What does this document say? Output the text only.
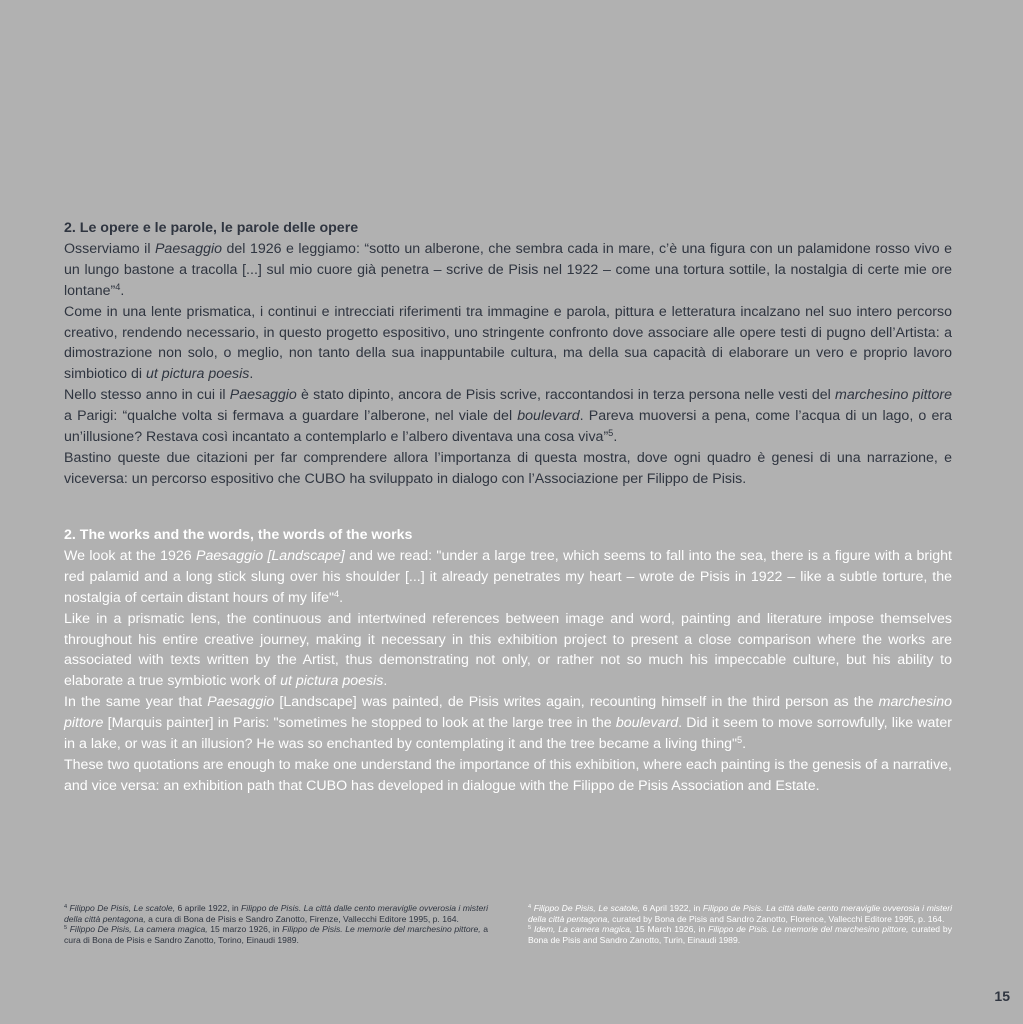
2. Le opere e le parole, le parole delle opere

Osserviamo il Paesaggio del 1926 e leggiamo: “sotto un alberone, che sembra cada in mare, c’è una figura con un palamidone rosso vivo e un lungo bastone a tracolla [...] sul mio cuore già penetra – scrive de Pisis nel 1922 – come una tortura sottile, la nostalgia di certe mie ore lontane”$^4$.

Come in una lente prismatica, i continui e intrecciati riferimenti tra immagine e parola, pittura e letteratura incalzano nel suo intero percorso creativo, rendendo necessario, in questo progetto espositivo, uno stringente confronto dove associare alle opere testi di pugno dell’Artista: a dimostrazione non solo, o meglio, non tanto della sua inappuntabile cultura, ma della sua capacità di elaborare un vero e proprio lavoro simbiotico di ut pictura poesis.

Nello stesso anno in cui il Paesaggio è stato dipinto, ancora de Pisis scrive, raccontandosi in terza persona nelle vesti del marchesino pittore a Parigi: “qualche volta si fermava a guardare l’alberone, nel viale del boulevard. Pareva muoversi a pena, come l’acqua di un lago, o era un’illusione? Restava così incantato a contemplarlo e l’albero diventava una cosa viva”$^5$.

Bastino queste due citazioni per far comprendere allora l’importanza di questa mostra, dove ogni quadro è genesi di una narrazione, e viceversa: un percorso espositivo che CUBO ha sviluppato in dialogo con l’Associazione per Filippo de Pisis.

2. The works and the words, the words of the works

We look at the 1926 Paesaggio [Landscape] and we read: "under a large tree, which seems to fall into the sea, there is a figure with a bright red palamid and a long stick slung over his shoulder [...] it already penetrates my heart – wrote de Pisis in 1922 – like a subtle torture, the nostalgia of certain distant hours of my life"$^4$.

Like in a prismatic lens, the continuous and intertwined references between image and word, painting and literature impose themselves throughout his entire creative journey, making it necessary in this exhibition project to present a close comparison where the works are associated with texts written by the Artist, thus demonstrating not only, or rather not so much his impeccable culture, but his ability to elaborate a true symbiotic work of ut pictura poesis.

In the same year that Paesaggio [Landscape] was painted, de Pisis writes again, recounting himself in the third person as the marchesino pittore [Marquis painter] in Paris: "sometimes he stopped to look at the large tree in the boulevard. Did it seem to move sorrowfully, like water in a lake, or was it an illusion? He was so enchanted by contemplating it and the tree became a living thing"$^5$.

These two quotations are enough to make one understand the importance of this exhibition, where each painting is the genesis of a narrative, and vice versa: an exhibition path that CUBO has developed in dialogue with the Filippo de Pisis Association and Estate.

$^4$ Filippo De Pisis, Le scatole, 6 aprile 1922, in Filippo de Pisis. La città dalle cento meraviglie ovverosia i misteri della città pentagona, a cura di Bona de Pisis e Sandro Zanotto, Firenze, Vallecchi Editore 1995, p. 164.

$^5$ Filippo De Pisis, La camera magica, 15 marzo 1926, in Filippo de Pisis. Le memorie del marchesino pittore, a cura di Bona de Pisis e Sandro Zanotto, Torino, Einaudi 1989.

$^4$ Filippo De Pisis, Le scatole, 6 April 1922, in Filippo de Pisis. La città dalle cento meraviglie ovverosia i misteri della città pentagona, curated by Bona de Pisis and Sandro Zanotto, Florence, Vallecchi Editore 1995, p. 164.

$^5$ Idem, La camera magica, 15 March 1926, in Filippo de Pisis. Le memorie del marchesino pittore, curated by Bona de Pisis and Sandro Zanotto, Turin, Einaudi 1989.

15
